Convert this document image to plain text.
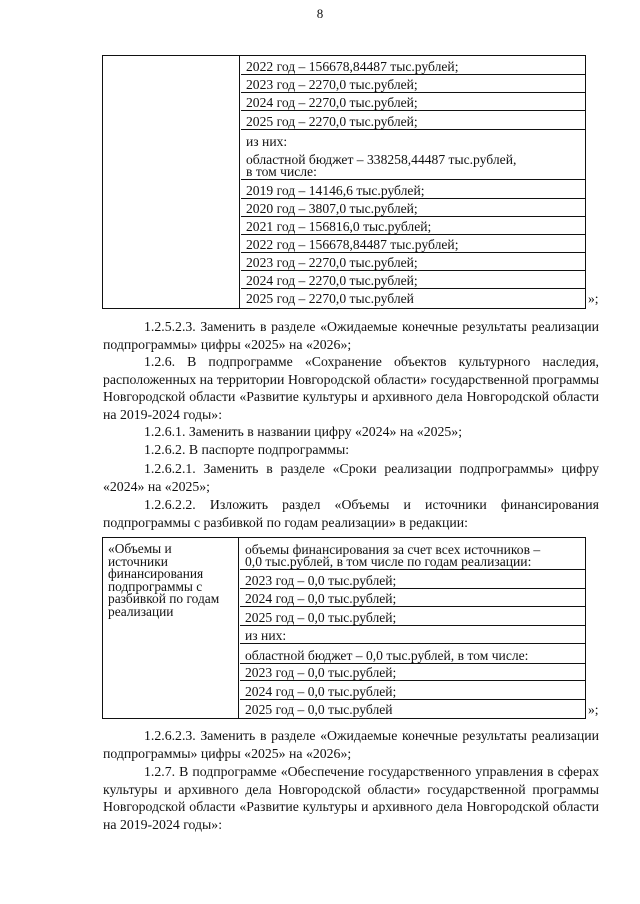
8
2022 год – 156678,84487 тыс.рублей;
2023 год – 2270,0 тыс.рублей;
2024 год – 2270,0 тыс.рублей;
2025 год – 2270,0 тыс.рублей;
из них:
областной бюджет – 338258,44487 тыс.рублей,
в том числе:
2019 год – 14146,6 тыс.рублей;
2020 год – 3807,0 тыс.рублей;
2021 год – 156816,0 тыс.рублей;
2022 год – 156678,84487 тыс.рублей;
2023 год – 2270,0 тыс.рублей;
2024 год – 2270,0 тыс.рублей;
2025 год – 2270,0 тыс.рублей	»;
1.2.5.2.3. Заменить в разделе «Ожидаемые конечные результаты реализации подпрограммы» цифры «2025» на «2026»;
1.2.6. В подпрограмме «Сохранение объектов культурного наследия, расположенных на территории Новгородской области» государственной программы Новгородской области «Развитие культуры и архивного дела Новгородской области на 2019-2024 годы»:
1.2.6.1. Заменить в названии цифру «2024» на «2025»;
1.2.6.2. В паспорте подпрограммы:
1.2.6.2.1. Заменить в разделе «Сроки реализации подпрограммы» цифру «2024» на «2025»;
1.2.6.2.2. Изложить раздел «Объемы и источники финансирования подпрограммы с разбивкой по годам реализации» в редакции:
«Объемы и источники финансирования подпрограммы с разбивкой по годам реализации
объемы финансирования за счет всех источников –
0,0 тыс.рублей, в том числе по годам реализации:
2023 год – 0,0 тыс.рублей;
2024 год – 0,0 тыс.рублей;
2025 год – 0,0 тыс.рублей;
из них:
областной бюджет – 0,0 тыс.рублей, в том числе:
2023 год – 0,0 тыс.рублей;
2024 год – 0,0 тыс.рублей;
2025 год – 0,0 тыс.рублей	»;
1.2.6.2.3. Заменить в разделе «Ожидаемые конечные результаты реализации подпрограммы» цифры «2025» на «2026»;
1.2.7. В подпрограмме «Обеспечение государственного управления в сферах культуры и архивного дела Новгородской области» государственной программы Новгородской области «Развитие культуры и архивного дела Новгородской области на 2019-2024 годы»:
